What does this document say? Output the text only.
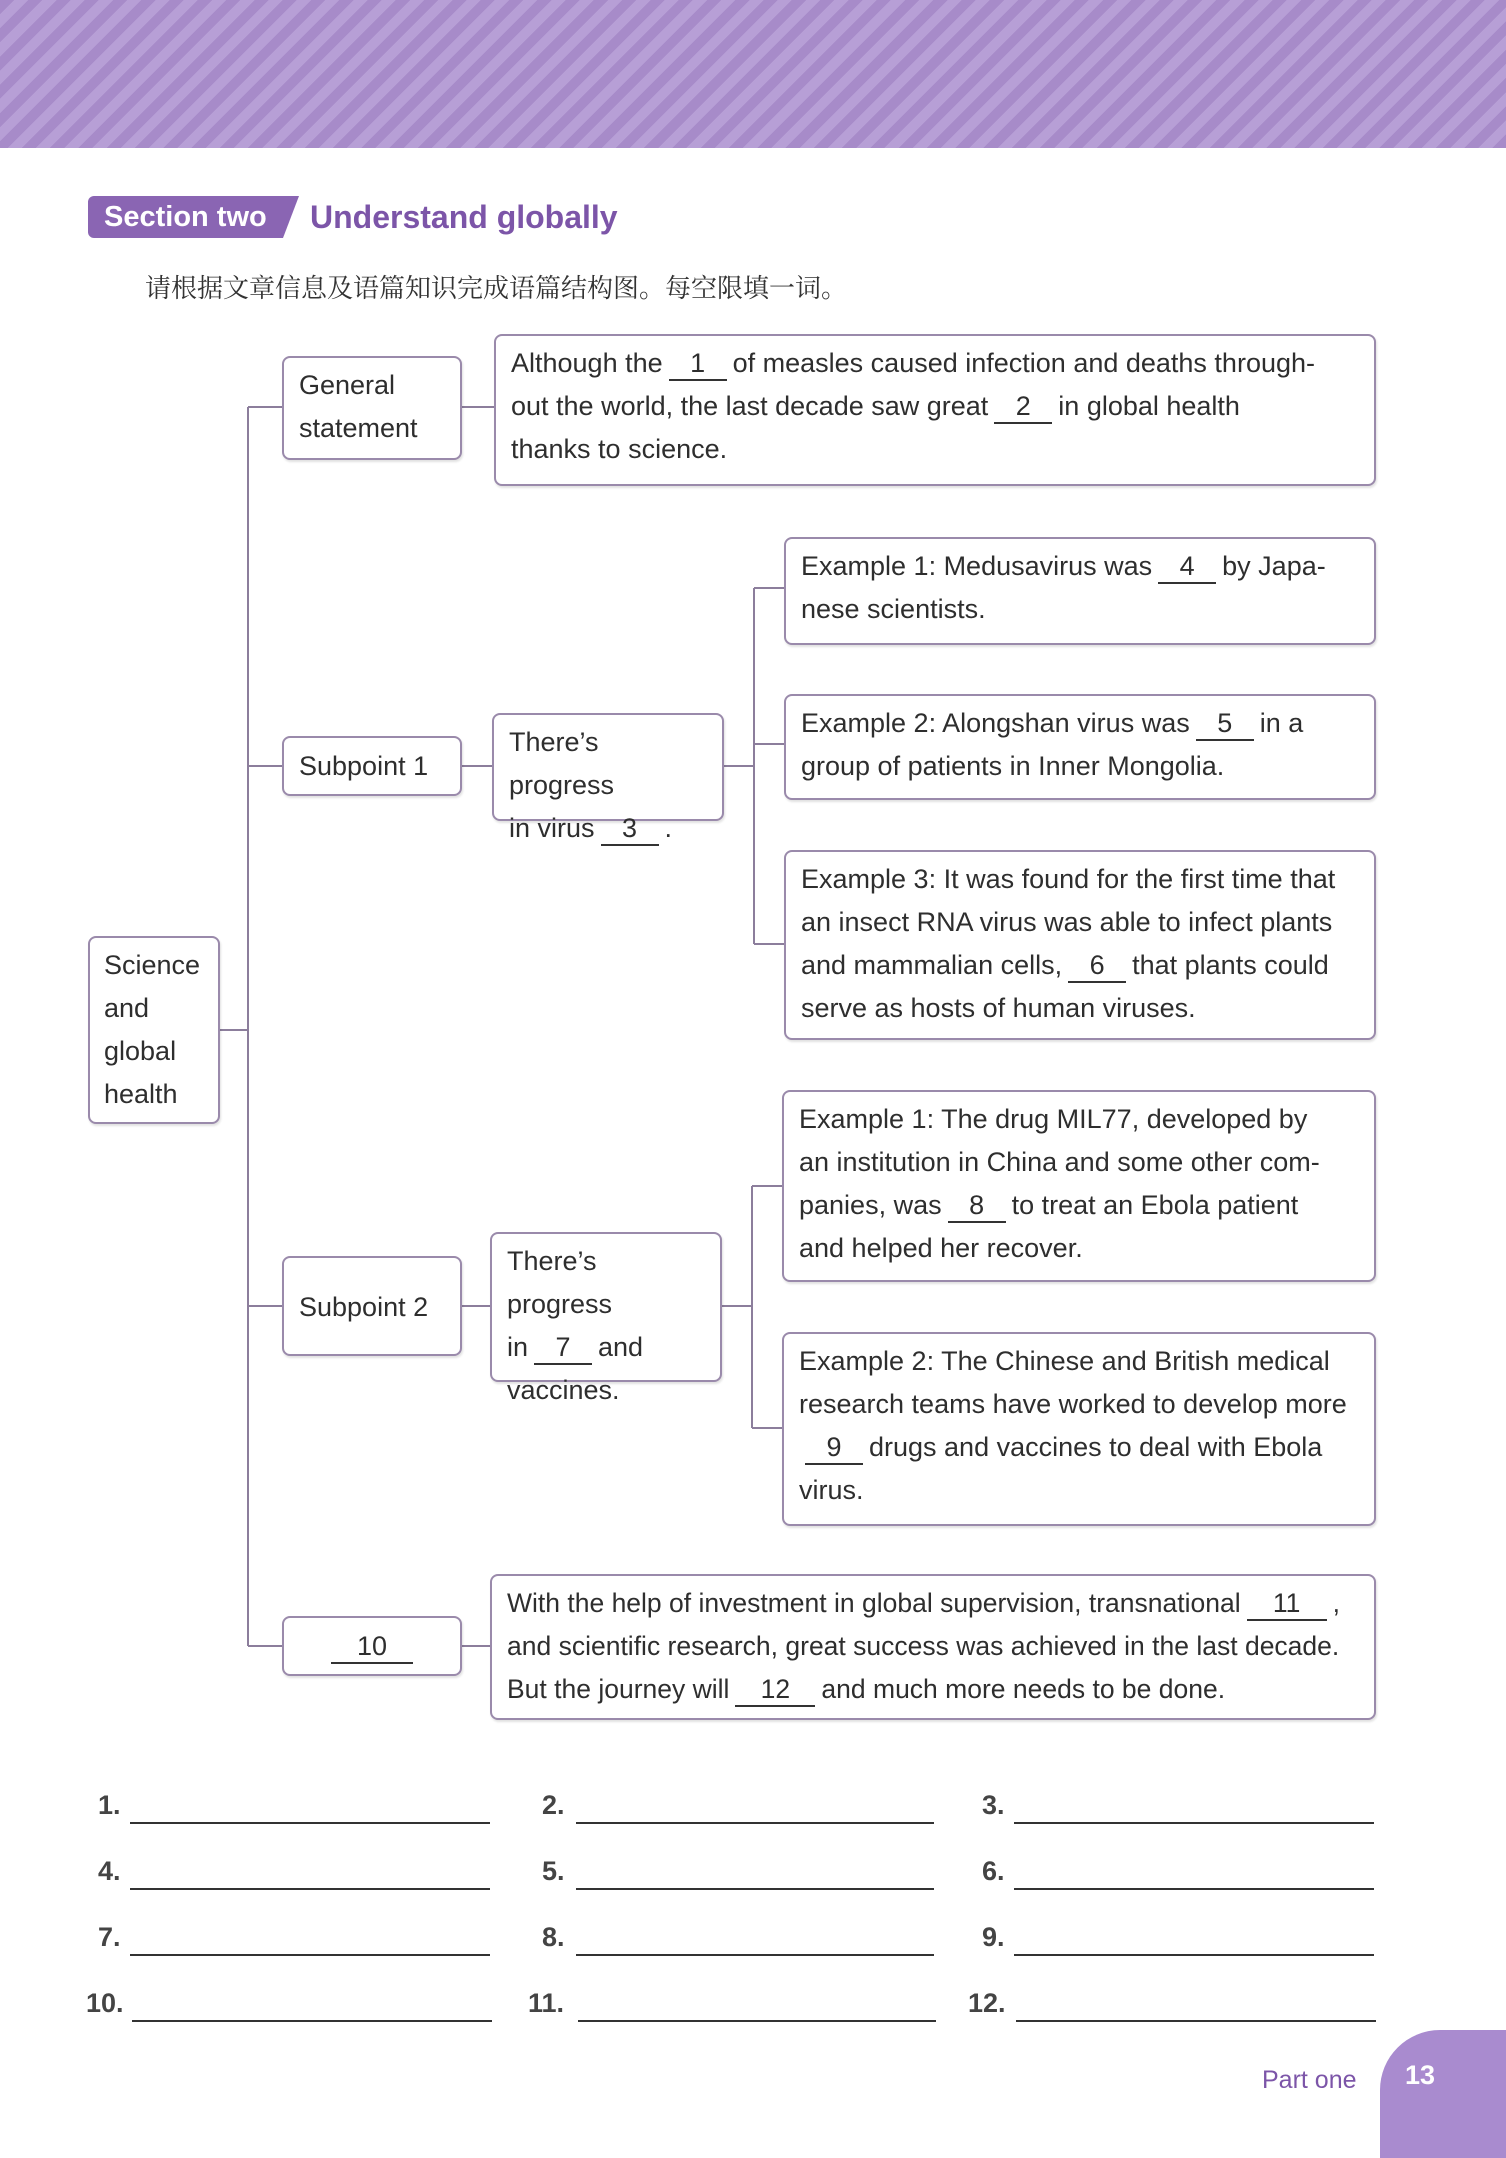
Section two	Understand globally
请根据文章信息及语篇知识完成语篇结构图。每空限填一词。
Science
and
global
health
General
statement
Although the 1 of measles caused infection and deaths through-
out the world, the last decade saw great 2 in global health
thanks to science.
Subpoint 1
There’s progress
in virus 3 .
Example 1: Medusavirus was 4 by Japa-
nese scientists.
Example 2: Alongshan virus was 5 in a
group of patients in Inner Mongolia.
Example 3: It was found for the first time that
an insect RNA virus was able to infect plants
and mammalian cells, 6 that plants could
serve as hosts of human viruses.
Subpoint 2
There’s progress
in 7 and
vaccines.
Example 1: The drug MIL77, developed by
an institution in China and some other com-
panies, was 8 to treat an Ebola patient
and helped her recover.
Example 2: The Chinese and British medical
research teams have worked to develop more
9 drugs and vaccines to deal with Ebola
virus.
10
With the help of investment in global supervision, transnational 11 ,
and scientific research, great success was achieved in the last decade.
But the journey will 12 and much more needs to be done.
1.	2.	3.
4.	5.	6.
7.	8.	9.
10.	11.	12.
Part one 13
